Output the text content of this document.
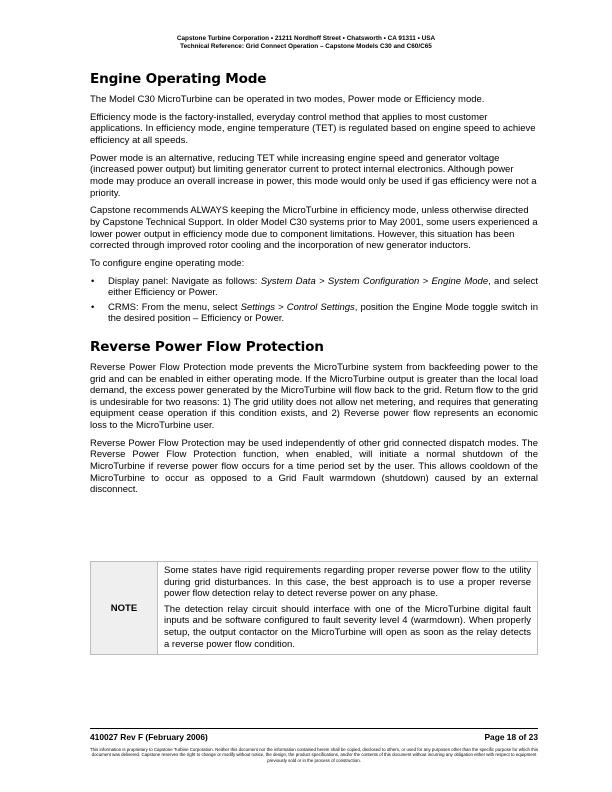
Capstone Turbine Corporation • 21211 Nordhoff Street • Chatsworth • CA 91311 • USA
Technical Reference: Grid Connect Operation – Capstone Models C30 and C60/C65
Engine Operating Mode

The Model C30 MicroTurbine can be operated in two modes, Power mode or Efficiency mode.

Efficiency mode is the factory-installed, everyday control method that applies to most customer applications. In efficiency mode, engine temperature (TET) is regulated based on engine speed to achieve efficiency at all speeds.

Power mode is an alternative, reducing TET while increasing engine speed and generator voltage (increased power output) but limiting generator current to protect internal electronics. Although power mode may produce an overall increase in power, this mode would only be used if gas efficiency were not a priority.

Capstone recommends ALWAYS keeping the MicroTurbine in efficiency mode, unless otherwise directed by Capstone Technical Support. In older Model C30 systems prior to May 2001, some users experienced a lower power output in efficiency mode due to component limitations. However, this situation has been corrected through improved rotor cooling and the incorporation of new generator inductors.

To configure engine operating mode:

• Display panel: Navigate as follows: System Data > System Configuration > Engine Mode, and select either Efficiency or Power.
• CRMS: From the menu, select Settings > Control Settings, position the Engine Mode toggle switch in the desired position – Efficiency or Power.
Reverse Power Flow Protection

Reverse Power Flow Protection mode prevents the MicroTurbine system from backfeeding power to the grid and can be enabled in either operating mode. If the MicroTurbine output is greater than the local load demand, the excess power generated by the MicroTurbine will flow back to the grid. Return flow to the grid is undesirable for two reasons: 1) The grid utility does not allow net metering, and requires that generating equipment cease operation if this condition exists, and 2) Reverse power flow represents an economic loss to the MicroTurbine user.

Reverse Power Flow Protection may be used independently of other grid connected dispatch modes. The Reverse Power Flow Protection function, when enabled, will initiate a normal shutdown of the MicroTurbine if reverse power flow occurs for a time period set by the user. This allows cooldown of the MicroTurbine to occur as opposed to a Grid Fault warmdown (shutdown) caused by an external disconnect.

NOTE	

Some states have rigid requirements regarding proper reverse power flow to the utility during grid disturbances. In this case, the best approach is to use a proper reverse power flow detection relay to detect reverse power on any phase.

The detection relay circuit should interface with one of the MicroTurbine digital fault inputs and be software configured to fault severity level 4 (warmdown). When properly setup, the output contactor on the MicroTurbine will open as soon as the relay detects a reverse power flow condition.

410027 Rev F (February 2006)	Page 18 of 23
This information is proprietary to Capstone Turbine Corporation. Neither this document nor the information contained herein shall be copied, disclosed to others, or used for any purposes other than the specific purpose for which this document was delivered. Capstone reserves the right to change or modify without notice, the design, the product specifications, and/or the contents of this document without incurring any obligation either with respect to equipment previously sold or in the process of construction.
